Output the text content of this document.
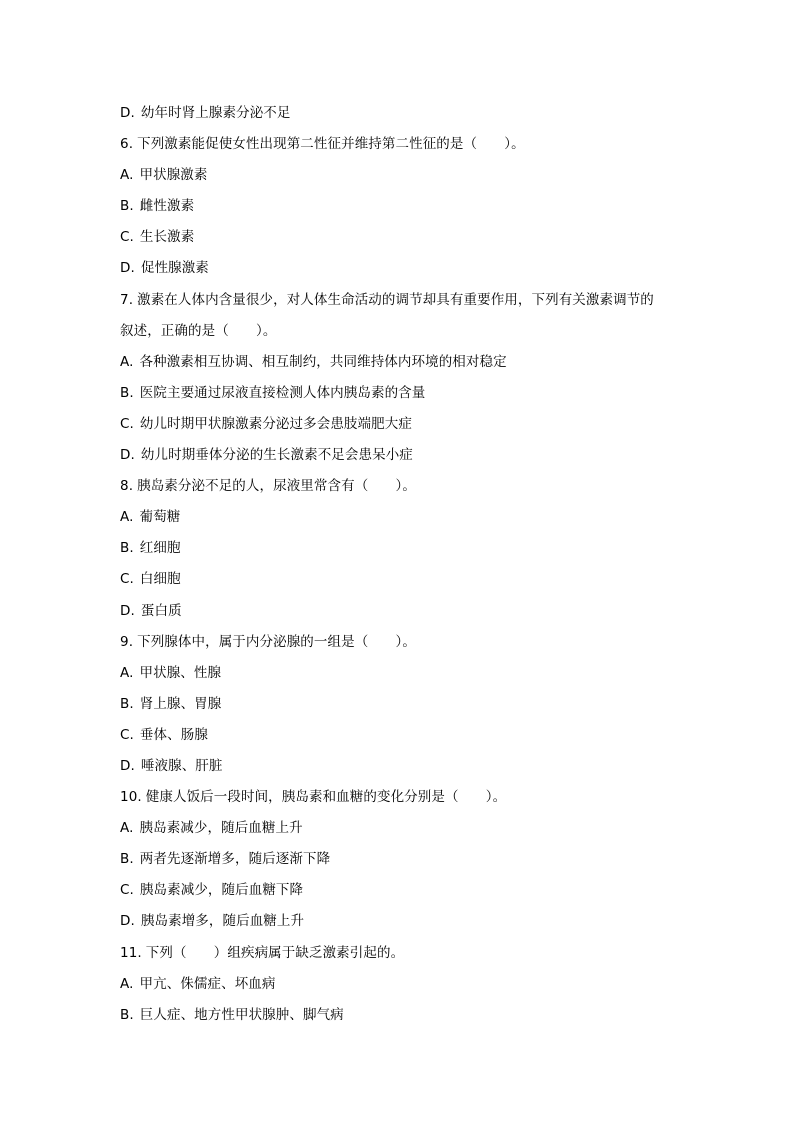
D. 幼年时肾上腺素分泌不足
6. 下列激素能促使女性出现第二性征并维持第二性征的是（　　）。
A. 甲状腺激素
B. 雌性激素
C. 生长激素
D. 促性腺激素
7. 激素在人体内含量很少，对人体生命活动的调节却具有重要作用，下列有关激素调节的
叙述，正确的是（　　）。
A. 各种激素相互协调、相互制约，共同维持体内环境的相对稳定
B. 医院主要通过尿液直接检测人体内胰岛素的含量
C. 幼儿时期甲状腺激素分泌过多会患肢端肥大症
D. 幼儿时期垂体分泌的生长激素不足会患呆小症
8. 胰岛素分泌不足的人，尿液里常含有（　　）。
A. 葡萄糖
B. 红细胞
C. 白细胞
D. 蛋白质
9. 下列腺体中，属于内分泌腺的一组是（　　）。
A. 甲状腺、性腺
B. 肾上腺、胃腺
C. 垂体、肠腺
D. 唾液腺、肝脏
10. 健康人饭后一段时间，胰岛素和血糖的变化分别是（　　）。
A. 胰岛素减少，随后血糖上升
B. 两者先逐渐增多，随后逐渐下降
C. 胰岛素减少，随后血糖下降
D. 胰岛素增多，随后血糖上升
11. 下列（　　）组疾病属于缺乏激素引起的。
A. 甲亢、侏儒症、坏血病
B. 巨人症、地方性甲状腺肿、脚气病
